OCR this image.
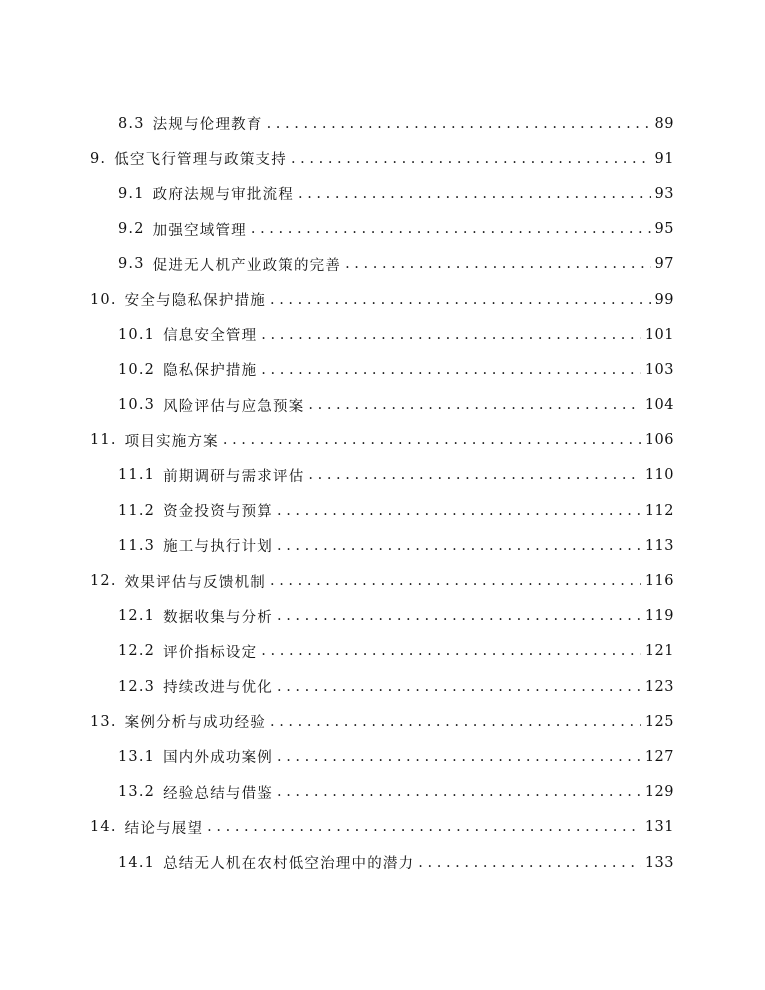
8.3 法规与伦理教育 . . .	89
9. 低空飞行管理与政策支持 . . .	91
9.1 政府法规与审批流程 . . .	93
9.2 加强空域管理 . . .	95
9.3 促进无人机产业政策的完善 . . .	97
10. 安全与隐私保护措施 . . .	99
10.1 信息安全管理 . . .	101
10.2 隐私保护措施 . . .	103
10.3 风险评估与应急预案 . . .	104
11. 项目实施方案 . . .	106
11.1 前期调研与需求评估 . . .	110
11.2 资金投资与预算 . . .	112
11.3 施工与执行计划 . . .	113
12. 效果评估与反馈机制 . . .	116
12.1 数据收集与分析 . . .	119
12.2 评价指标设定 . . .	121
12.3 持续改进与优化 . . .	123
13. 案例分析与成功经验 . . .	125
13.1 国内外成功案例 . . .	127
13.2 经验总结与借鉴 . . .	129
14. 结论与展望 . . .	131
14.1 总结无人机在农村低空治理中的潜力 . . .	133
